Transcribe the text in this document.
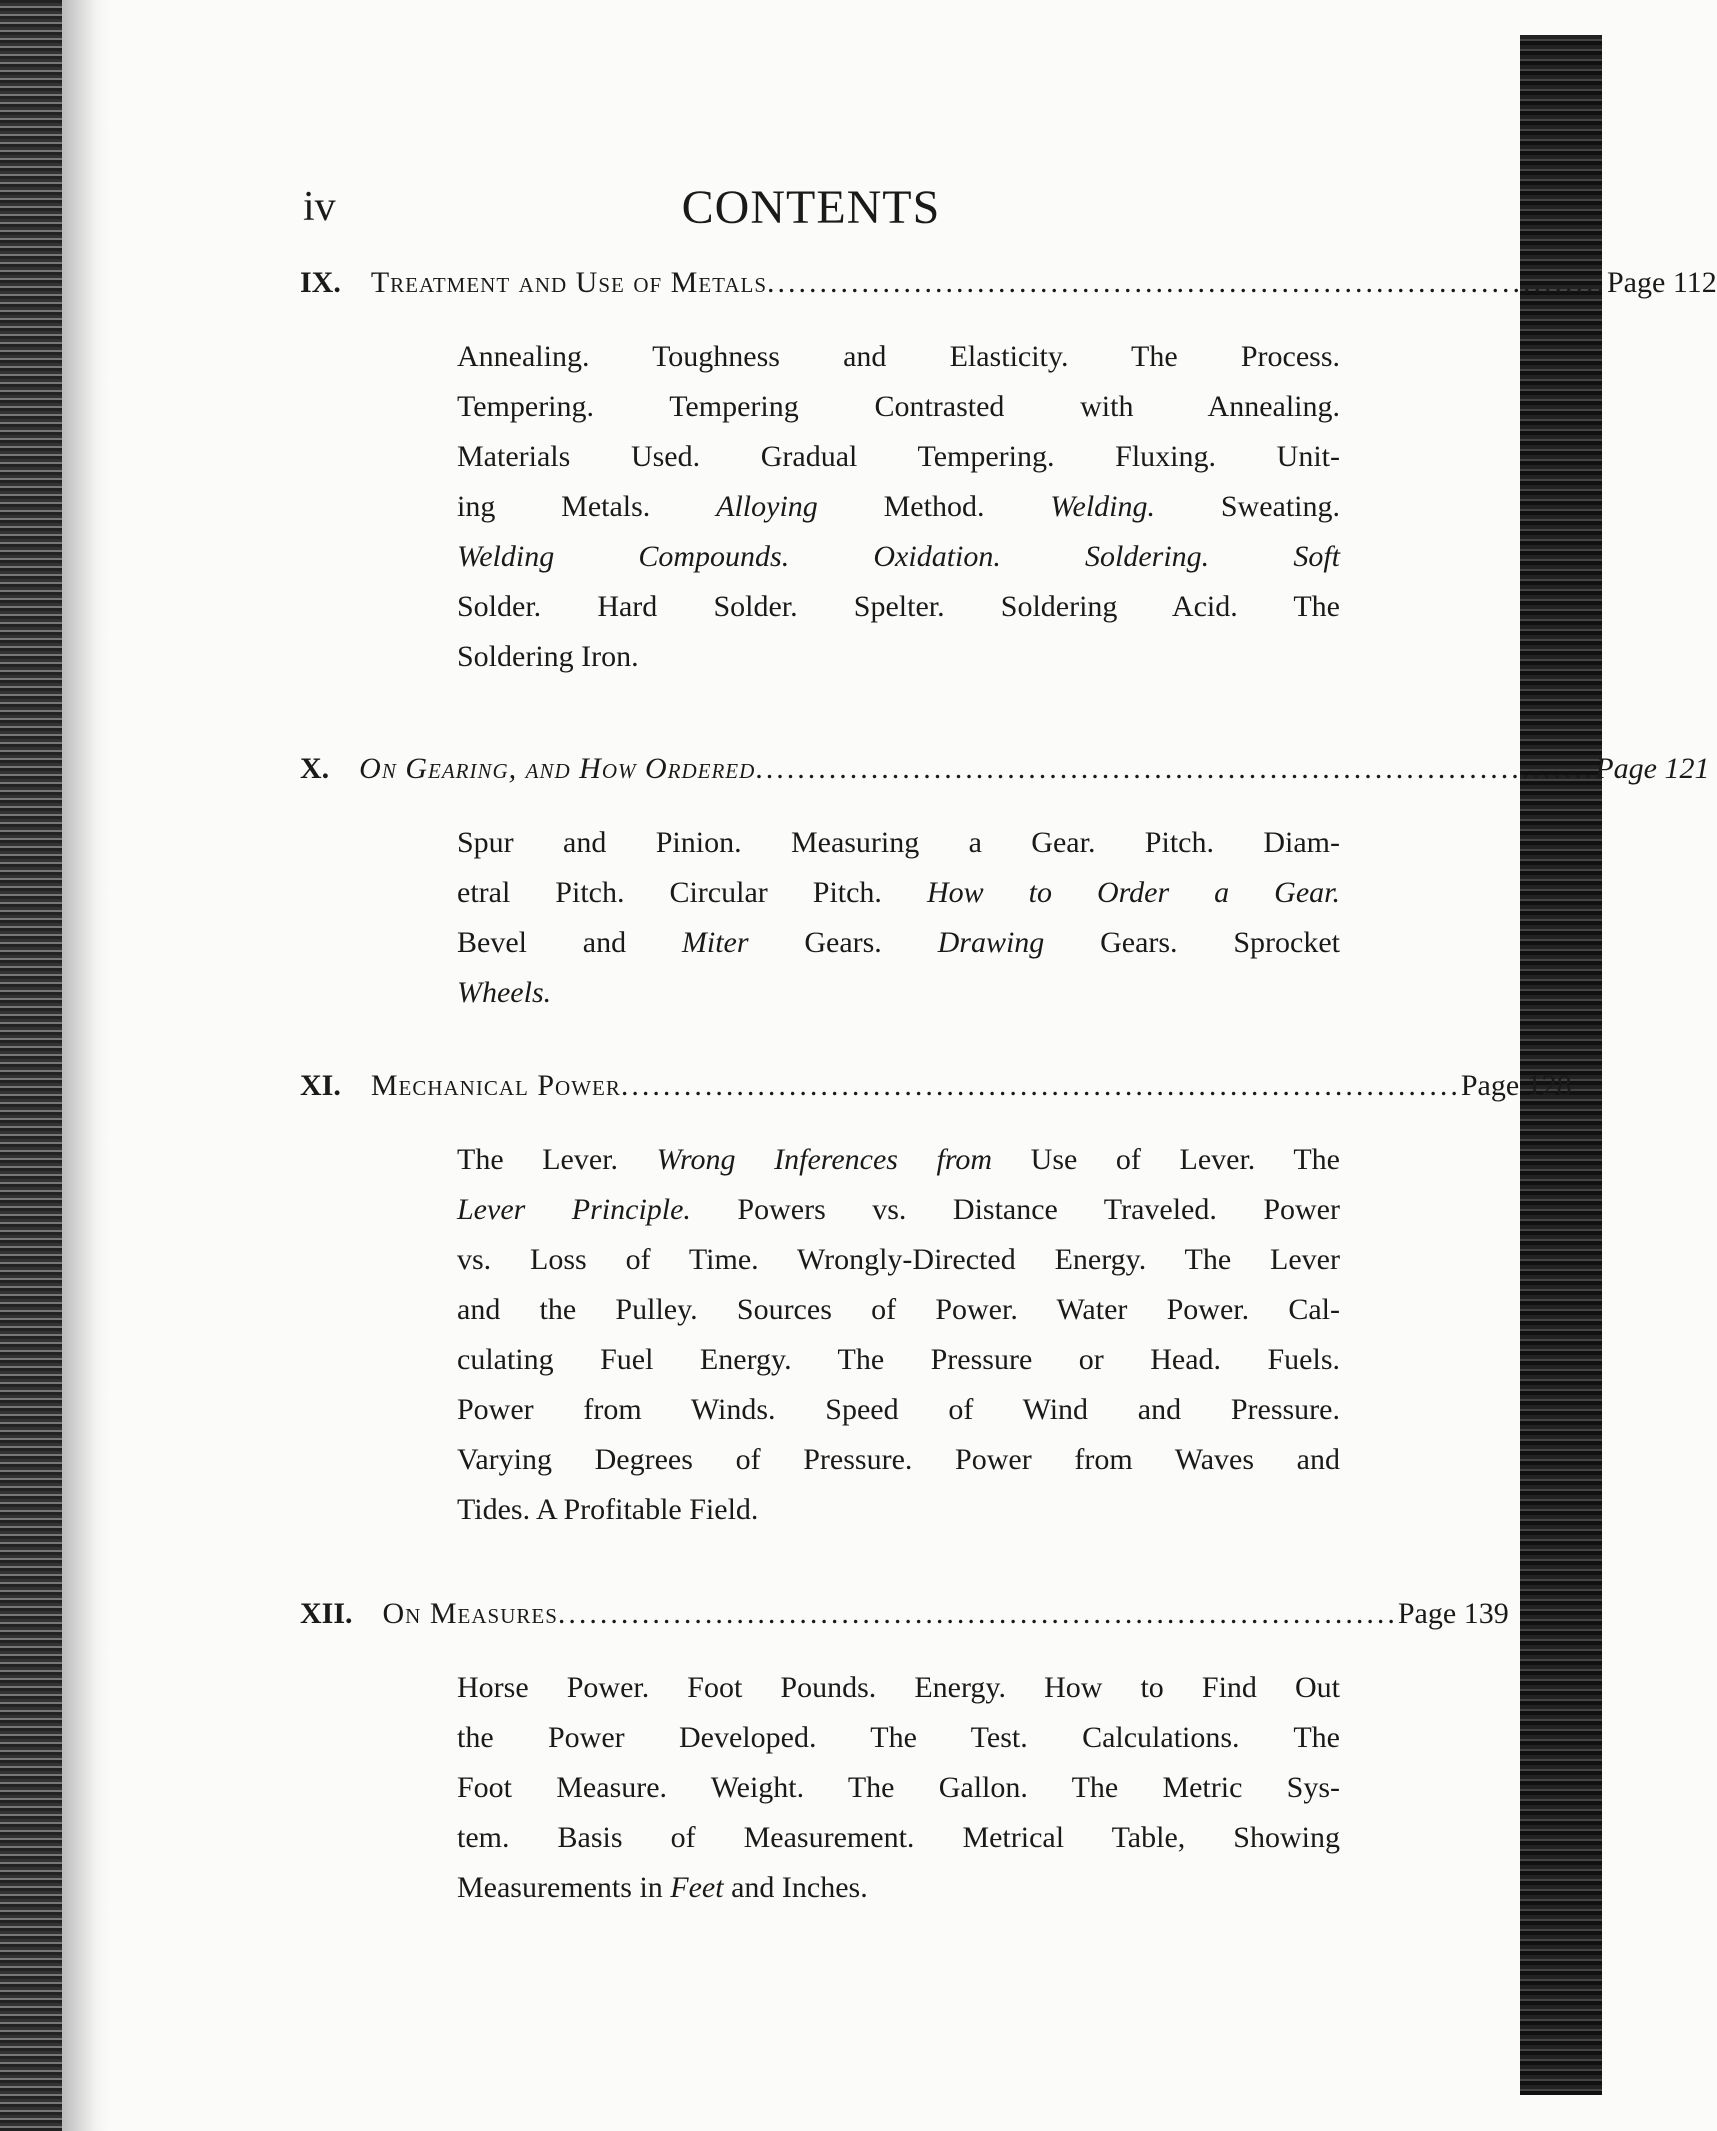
iv	CONTENTS
IX.	Treatment and Use of Metals ................................................................................ Page 112
Annealing. Toughness and Elasticity. The Process.
Tempering. Tempering Contrasted with Annealing.
Materials Used. Gradual Tempering. Fluxing. Unit-
ing Metals. Alloying Method. Welding. Sweating.
Welding Compounds. Oxidation. Soldering. Soft
Solder. Hard Solder. Spelter. Soldering Acid. The
Soldering Iron.
X.	On Gearing, and How Ordered ................................................................................ Page 121
Spur and Pinion. Measuring a Gear. Pitch. Diam-
etral Pitch. Circular Pitch. How to Order a Gear.
Bevel and Miter Gears. Drawing Gears. Sprocket
Wheels.
XI.	Mechanical Power ................................................................................ Page 128
The Lever. Wrong Inferences from Use of Lever. The
Lever Principle. Powers vs. Distance Traveled. Power
vs. Loss of Time. Wrongly-Directed Energy. The Lever
and the Pulley. Sources of Power. Water Power. Cal-
culating Fuel Energy. The Pressure or Head. Fuels.
Power from Winds. Speed of Wind and Pressure.
Varying Degrees of Pressure. Power from Waves and
Tides. A Profitable Field.
XII.	On Measures ................................................................................ Page 139
Horse Power. Foot Pounds. Energy. How to Find Out
the Power Developed. The Test. Calculations. The
Foot Measure. Weight. The Gallon. The Metric Sys-
tem. Basis of Measurement. Metrical Table, Showing
Measurements in Feet and Inches.
